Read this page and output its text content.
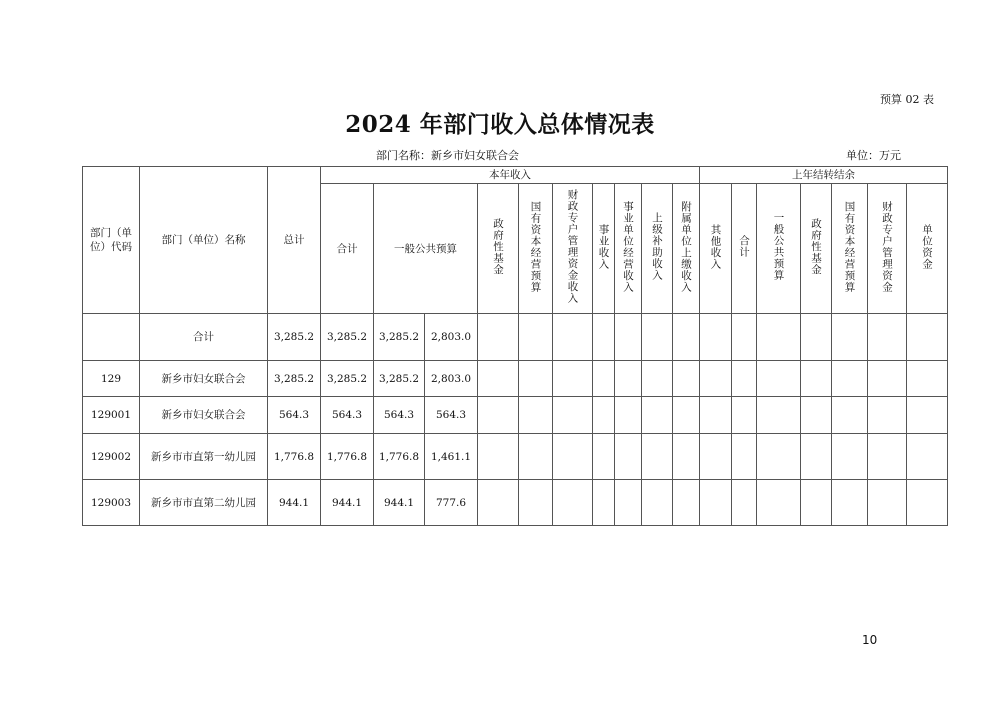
预算 02 表
2024 年部门收入总体情况表
部门名称：新乡市妇女联合会	单位：万元
部门（单位）代码	部门（单位）名称	总计	本年收入										上年结转结余						
			合计	一般公共预算		政府性基金	国有资本经营预算	财政专户管理资金收入	事业收入	事业单位经营收入	上级补助收入	附属单位上缴收入	其他收入	合计	一般公共预算	政府性基金	国有资本经营预算	财政专户管理资金	单位资金
	合计	3,285.2	3,285.2	3,285.2	2,803.0														
129	新乡市妇女联合会	3,285.2	3,285.2	3,285.2	2,803.0														
129001	新乡市妇女联合会	564.3	564.3	564.3	564.3														
129002	新乡市市直第一幼儿园	1,776.8	1,776.8	1,776.8	1,461.1														
129003	新乡市市直第二幼儿园	944.1	944.1	944.1	777.6														
10
